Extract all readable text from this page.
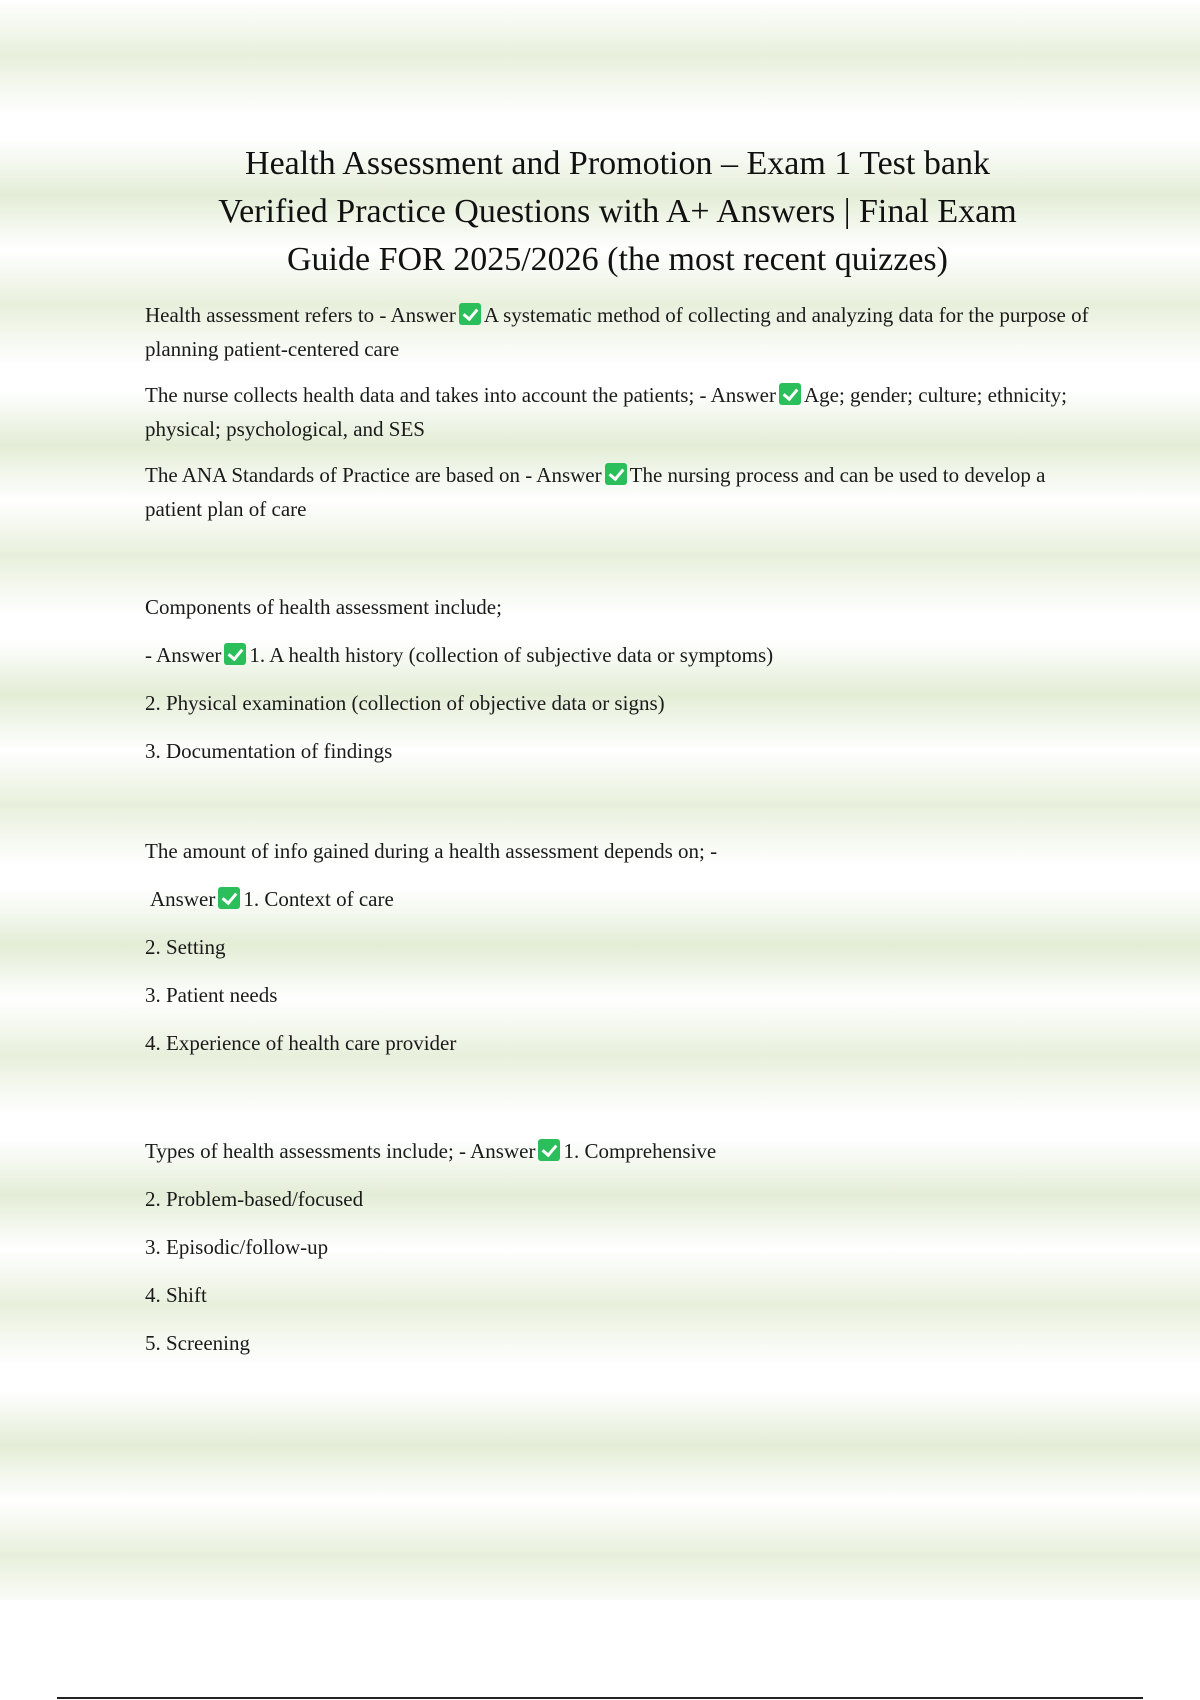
Health Assessment and Promotion – Exam 1 Test bank
Verified Practice Questions with A+ Answers | Final Exam
Guide FOR 2025/2026 (the most recent quizzes)

Health assessment refers to - Answer A systematic method of collecting and analyzing data for the purpose of planning patient-centered care

The nurse collects health data and takes into account the patients; - Answer Age; gender; culture; ethnicity; physical; psychological, and SES

The ANA Standards of Practice are based on - Answer The nursing process and can be used to develop a patient plan of care

Components of health assessment include;

- Answer 1. A health history (collection of subjective data or symptoms)

2. Physical examination (collection of objective data or signs)

3. Documentation of findings

The amount of info gained during a health assessment depends on; -

Answer 1. Context of care

2. Setting

3. Patient needs

4. Experience of health care provider

Types of health assessments include; - Answer 1. Comprehensive

2. Problem-based/focused

3. Episodic/follow-up

4. Shift

5. Screening
